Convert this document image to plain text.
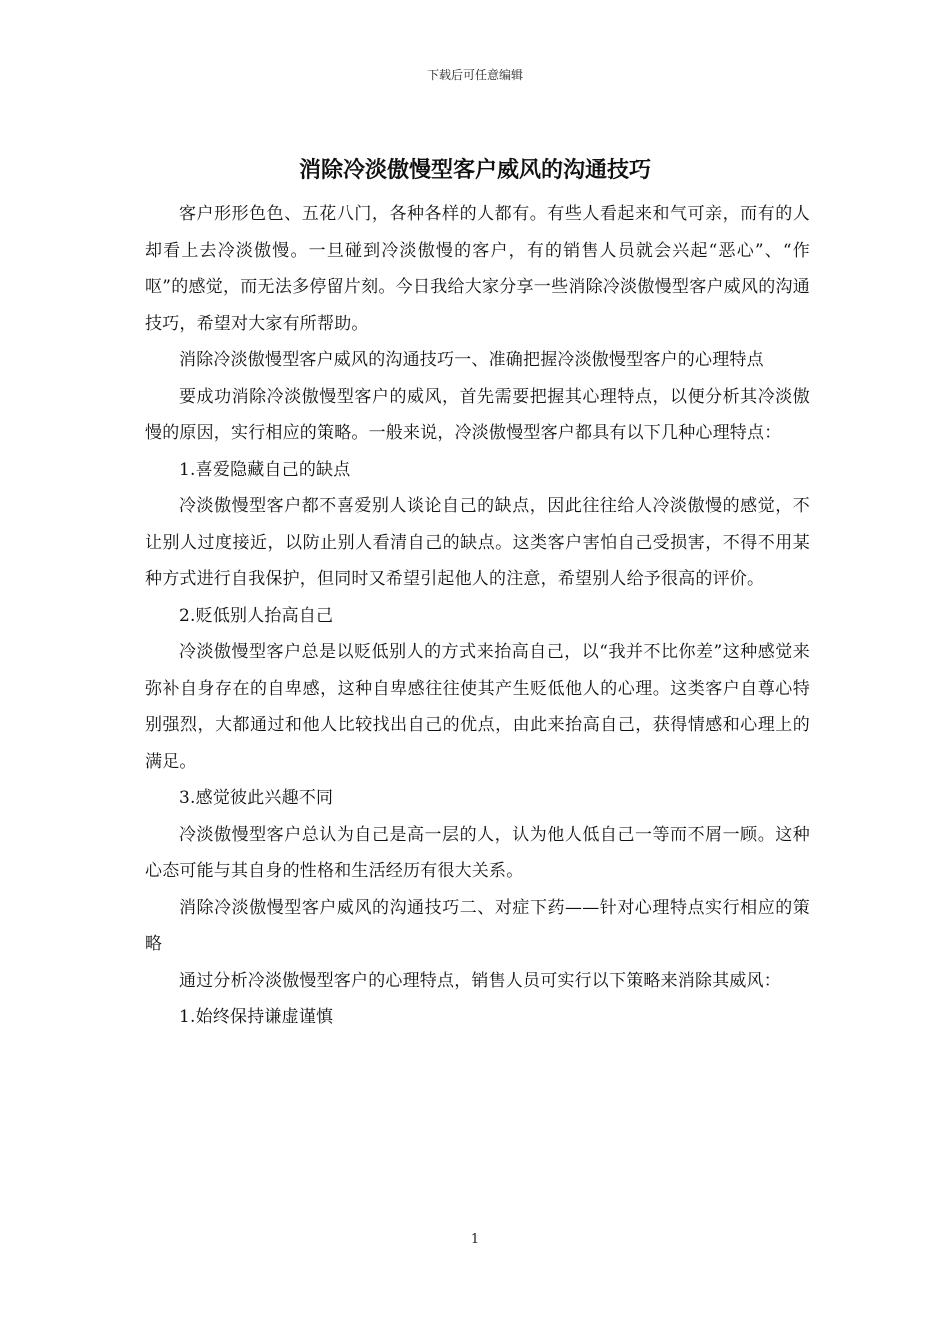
下载后可任意编辑
消除冷淡傲慢型客户威风的沟通技巧

客户形形色色、五花八门，各种各样的人都有。有些人看起来和气可亲，而有的人却看上去冷淡傲慢。一旦碰到冷淡傲慢的客户，有的销售人员就会兴起“恶心”、“作呕”的感觉，而无法多停留片刻。今日我给大家分享一些消除冷淡傲慢型客户威风的沟通技巧，希望对大家有所帮助。

消除冷淡傲慢型客户威风的沟通技巧一、准确把握冷淡傲慢型客户的心理特点

要成功消除冷淡傲慢型客户的威风，首先需要把握其心理特点，以便分析其冷淡傲慢的原因，实行相应的策略。一般来说，冷淡傲慢型客户都具有以下几种心理特点：

1.喜爱隐藏自己的缺点

冷淡傲慢型客户都不喜爱别人谈论自己的缺点，因此往往给人冷淡傲慢的感觉，不让别人过度接近，以防止别人看清自己的缺点。这类客户害怕自己受损害，不得不用某种方式进行自我保护，但同时又希望引起他人的注意，希望别人给予很高的评价。

2.贬低别人抬高自己

冷淡傲慢型客户总是以贬低别人的方式来抬高自己，以“我并不比你差”这种感觉来弥补自身存在的自卑感，这种自卑感往往使其产生贬低他人的心理。这类客户自尊心特别强烈，大都通过和他人比较找出自己的优点，由此来抬高自己，获得情感和心理上的满足。

3.感觉彼此兴趣不同

冷淡傲慢型客户总认为自己是高一层的人，认为他人低自己一等而不屑一顾。这种心态可能与其自身的性格和生活经历有很大关系。

消除冷淡傲慢型客户威风的沟通技巧二、对症下药——针对心理特点实行相应的策略

通过分析冷淡傲慢型客户的心理特点，销售人员可实行以下策略来消除其威风：

1.始终保持谦虚谨慎

1
